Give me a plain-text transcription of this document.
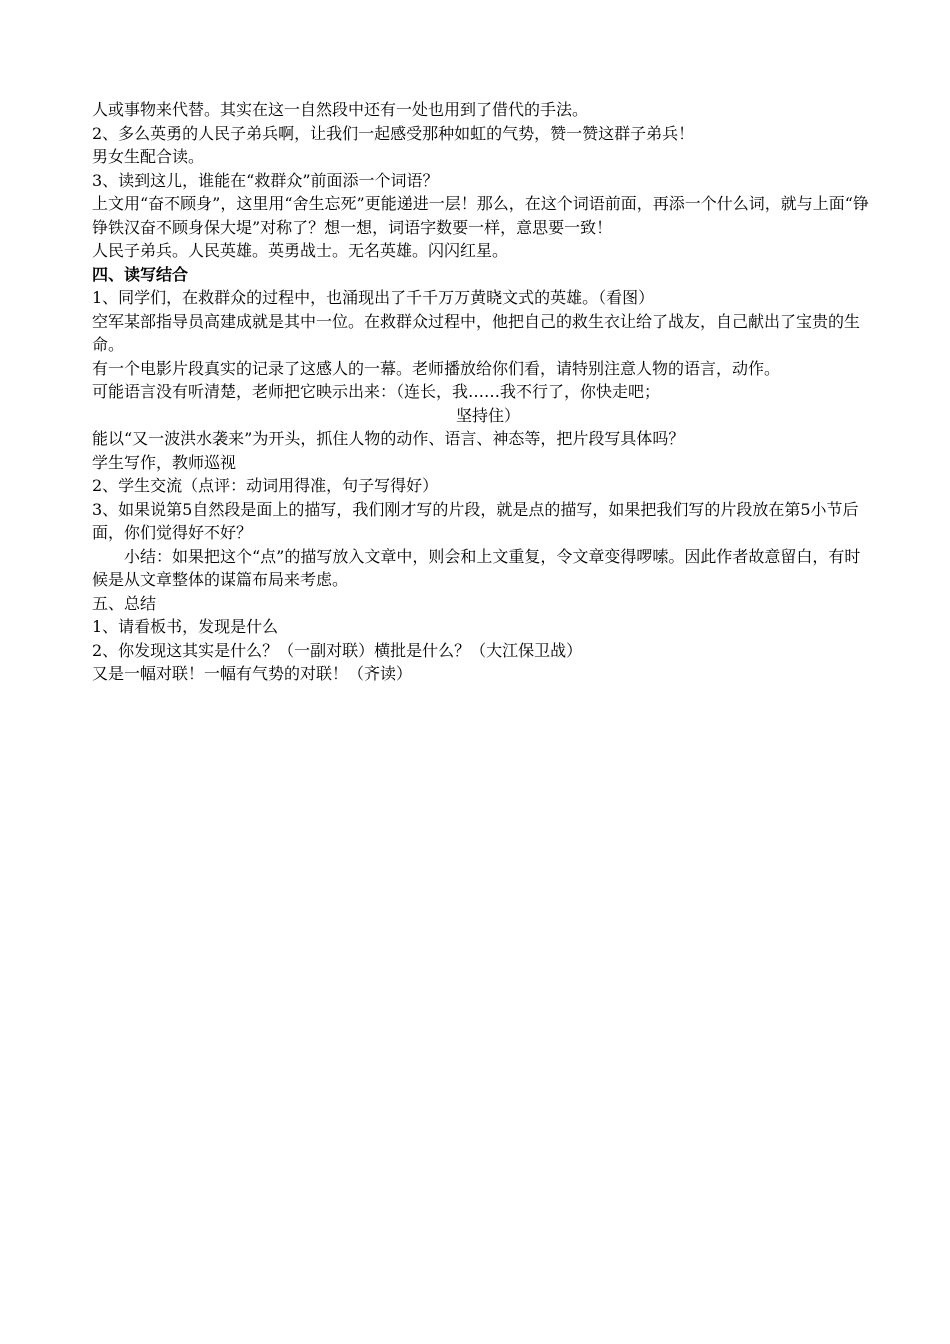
人或事物来代替。其实在这一自然段中还有一处也用到了借代的手法。

2、多么英勇的人民子弟兵啊，让我们一起感受那种如虹的气势，赞一赞这群子弟兵！

男女生配合读。

3、读到这儿，谁能在“救群众”前面添一个词语？

上文用“奋不顾身”，这里用“舍生忘死”更能递进一层！那么，在这个词语前面，再添一个什么词，就与上面“铮铮铁汉奋不顾身保大堤”对称了？想一想，词语字数要一样，意思要一致！

人民子弟兵。人民英雄。英勇战士。无名英雄。闪闪红星。

四、读写结合

1、同学们，在救群众的过程中，也涌现出了千千万万黄晓文式的英雄。（看图）

空军某部指导员高建成就是其中一位。在救群众过程中，他把自己的救生衣让给了战友，自己献出了宝贵的生命。

有一个电影片段真实的记录了这感人的一幕。老师播放给你们看，请特别注意人物的语言，动作。

可能语言没有听清楚，老师把它映示出来：（连长，我……我不行了，你快走吧；

坚持住）

能以“又一波洪水袭来”为开头，抓住人物的动作、语言、神态等，把片段写具体吗？

学生写作，教师巡视

2、学生交流（点评：动词用得准，句子写得好）

3、如果说第5自然段是面上的描写，我们刚才写的片段，就是点的描写，如果把我们写的片段放在第5小节后面，你们觉得好不好？

小结：如果把这个“点”的描写放入文章中，则会和上文重复，令文章变得啰嗦。因此作者故意留白，有时候是从文章整体的谋篇布局来考虑。

五、总结

1、请看板书，发现是什么

2、你发现这其实是什么？（一副对联）横批是什么？（大江保卫战）

又是一幅对联！一幅有气势的对联！（齐读）
